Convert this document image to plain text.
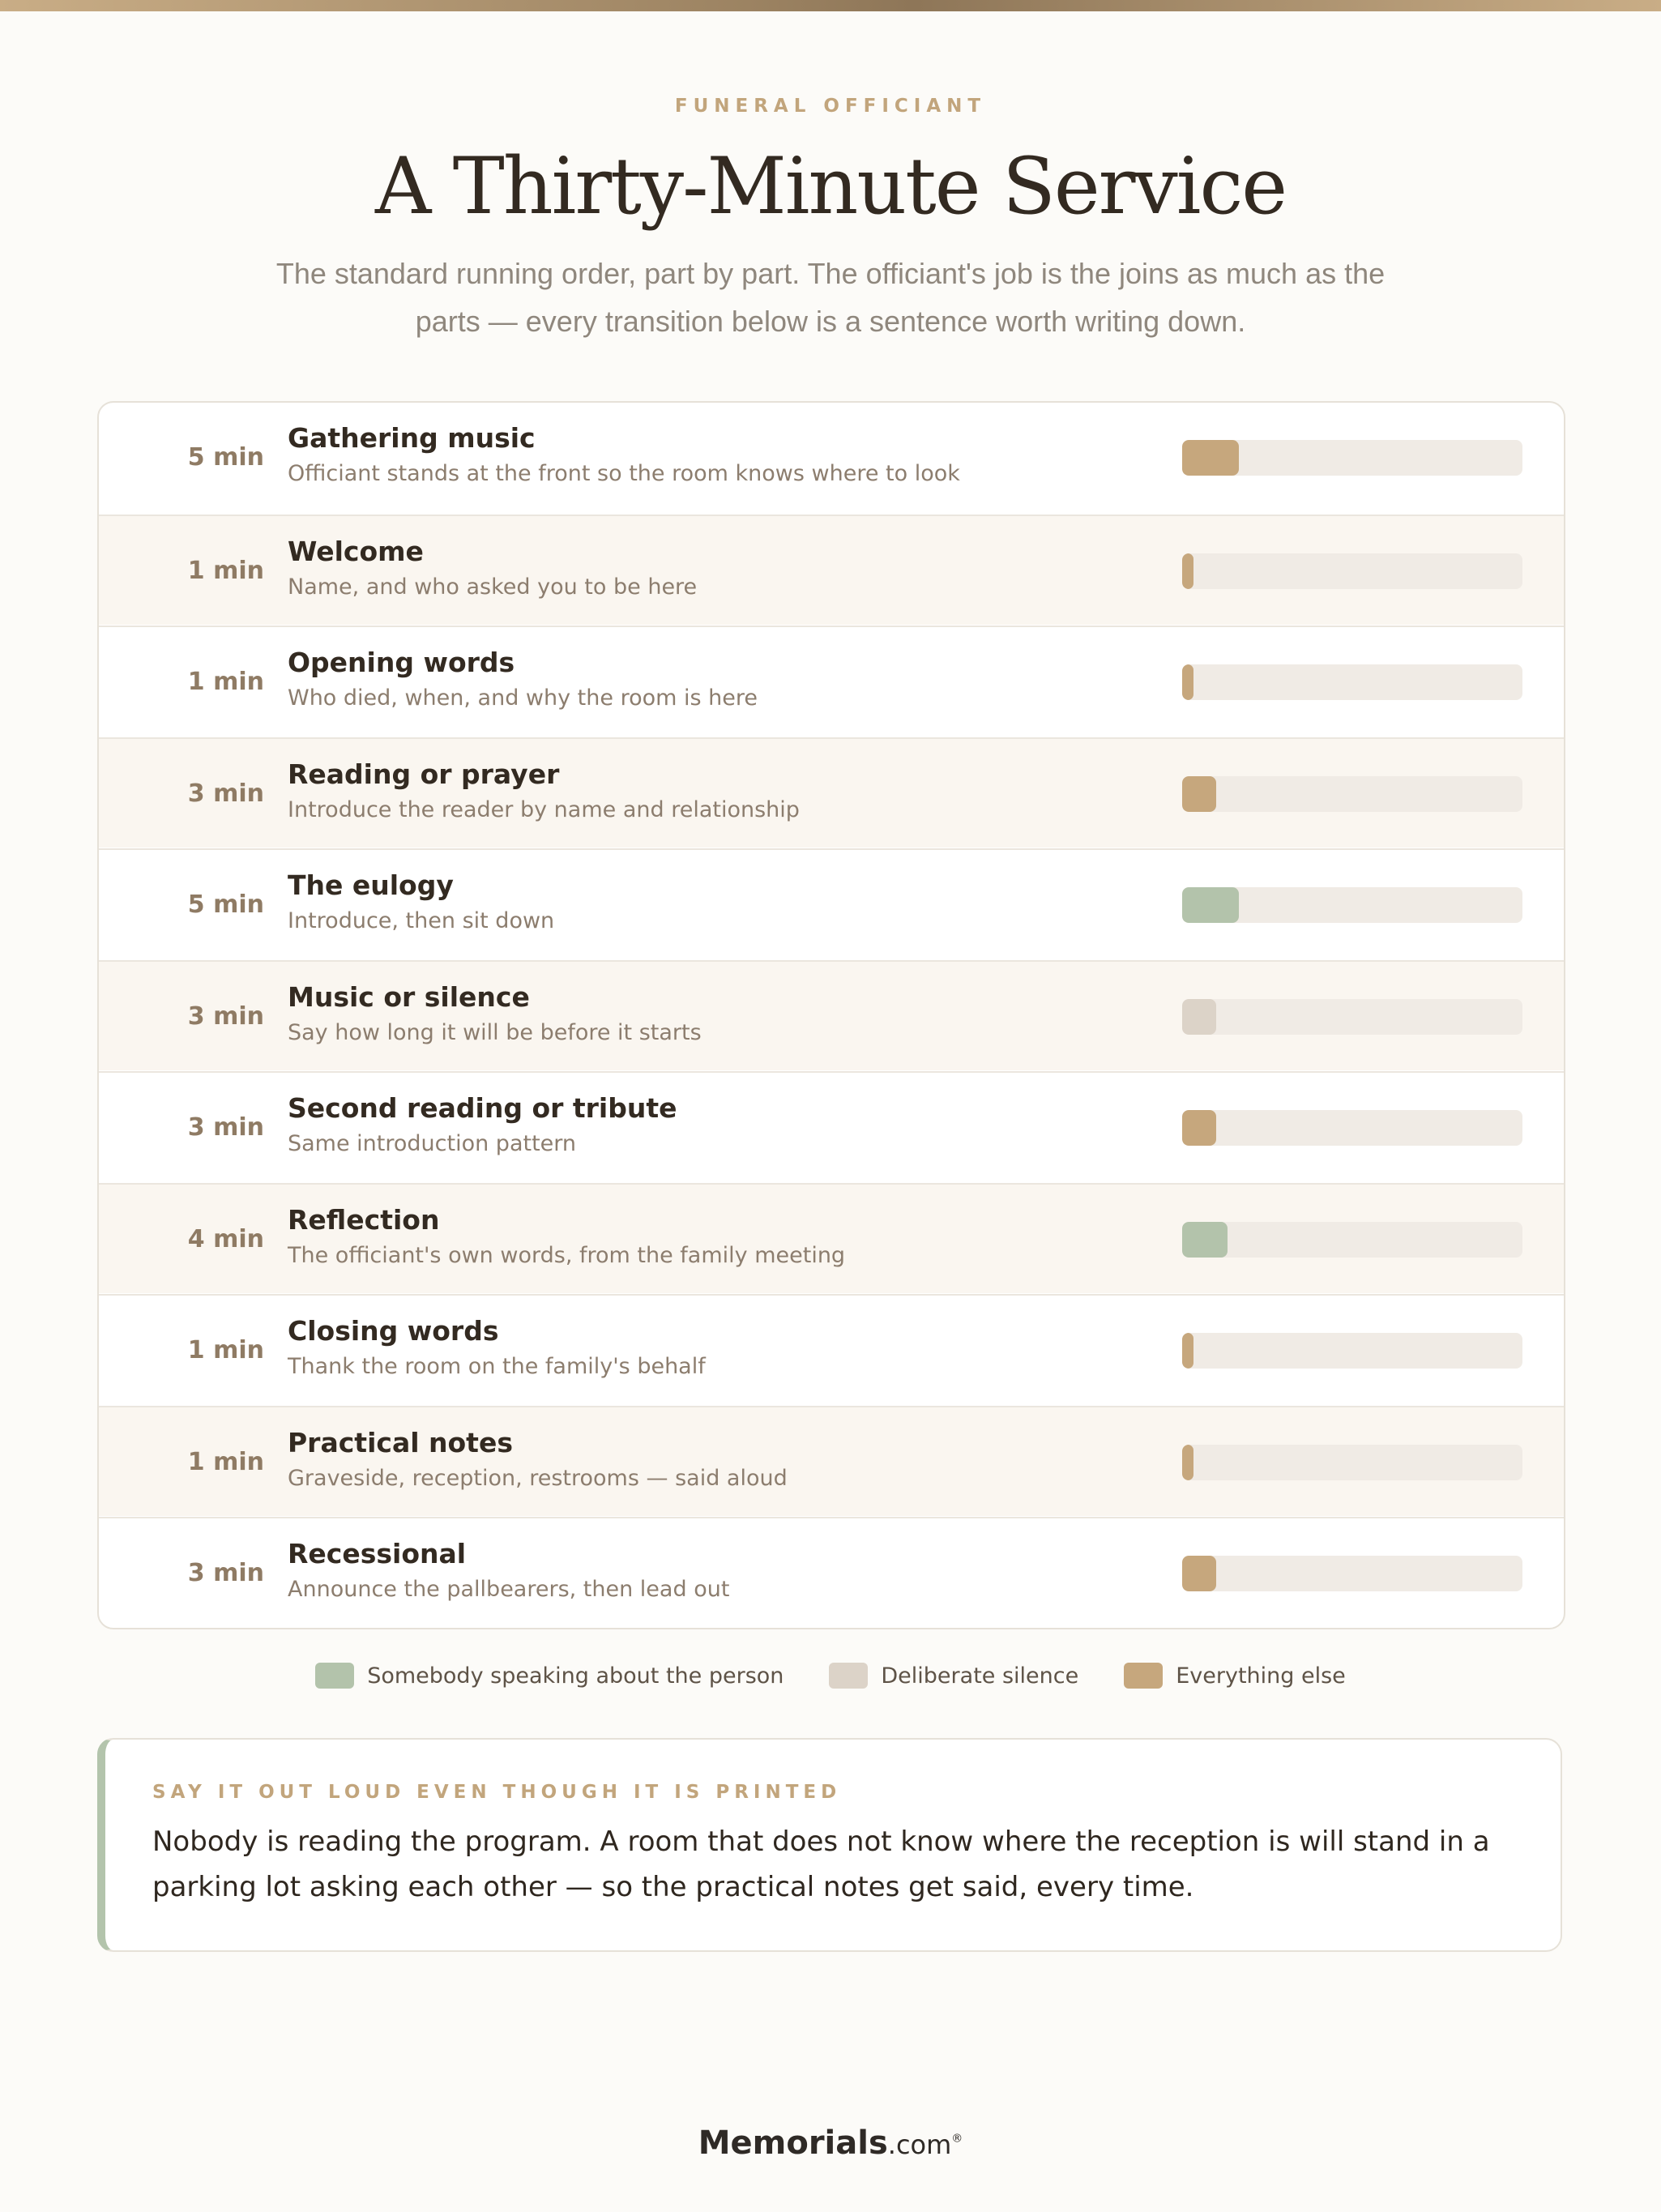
FUNERAL OFFICIANT
A Thirty-Minute Service
The standard running order, part by part. The officiant's job is the joins as much as the parts — every transition below is a sentence worth writing down.
5 min
Gathering music
Officiant stands at the front so the room knows where to look
1 min
Welcome
Name, and who asked you to be here
1 min
Opening words
Who died, when, and why the room is here
3 min
Reading or prayer
Introduce the reader by name and relationship
5 min
The eulogy
Introduce, then sit down
3 min
Music or silence
Say how long it will be before it starts
3 min
Second reading or tribute
Same introduction pattern
4 min
Reflection
The officiant's own words, from the family meeting
1 min
Closing words
Thank the room on the family's behalf
1 min
Practical notes
Graveside, reception, restrooms — said aloud
3 min
Recessional
Announce the pallbearers, then lead out
Somebody speaking about the person	Deliberate silence	Everything else
SAY IT OUT LOUD EVEN THOUGH IT IS PRINTED
Nobody is reading the program. A room that does not know where the reception is will stand in a parking lot asking each other — so the practical notes get said, every time.
Memorials.com®
